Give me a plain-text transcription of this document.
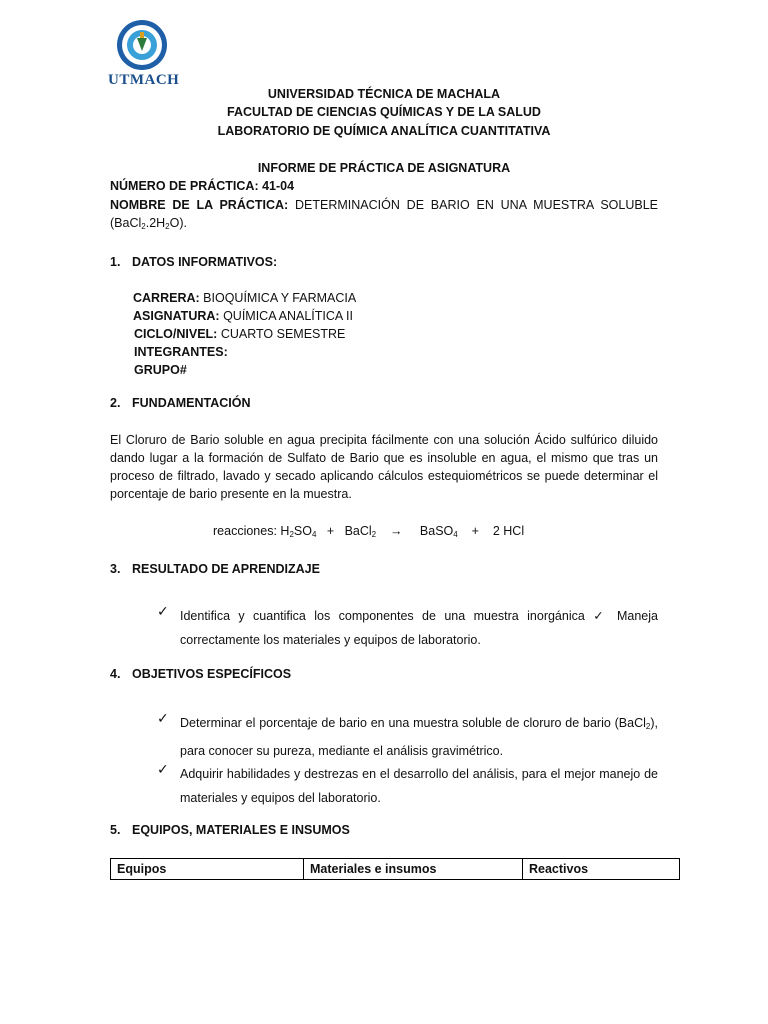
UTMACH
UNIVERSIDAD TÉCNICA DE MACHALA
FACULTAD DE CIENCIAS QUÍMICAS Y DE LA SALUD
LABORATORIO DE QUÍMICA ANALÍTICA CUANTITATIVA
INFORME DE PRÁCTICA DE ASIGNATURA
NÚMERO DE PRÁCTICA: 41-04
NOMBRE DE LA PRÁCTICA: DETERMINACIÓN DE BARIO EN UNA MUESTRA SOLUBLE
$(BaCl_2.2H_2O)$.
1. DATOS INFORMATIVOS:
CARRERA: BIOQUÍMICA Y FARMACIA
ASIGNATURA: QUÍMICA ANALÍTICA II
CICLO/NIVEL: CUARTO SEMESTRE
INTEGRANTES:
GRUPO#
2. FUNDAMENTACIÓN
El Cloruro de Bario soluble en agua precipita fácilmente con una solución Ácido sulfúrico diluido dando lugar a la formación de Sulfato de Bario que es insoluble en agua, el mismo que tras un proceso de filtrado, lavado y secado aplicando cálculos estequiométricos se puede determinar el porcentaje de bario presente en la muestra.
reacciones: $H_2SO_4$ + BaCl$_2$ → BaSO$_4$ + 2 HCl
3. RESULTADO DE APRENDIZAJE
✓ Identifica y cuantifica los componentes de una muestra inorgánica ✓ Maneja correctamente los materiales y equipos de laboratorio.
4. OBJETIVOS ESPECÍFICOS
✓ Determinar el porcentaje de bario en una muestra soluble de cloruro de bario (BaCl$_2$), para conocer su pureza, mediante el análisis gravimétrico.
✓ Adquirir habilidades y destrezas en el desarrollo del análisis, para el mejor manejo de materiales y equipos del laboratorio.
5. EQUIPOS, MATERIALES E INSUMOS
Equipos	Materiales e insumos	Reactivos
